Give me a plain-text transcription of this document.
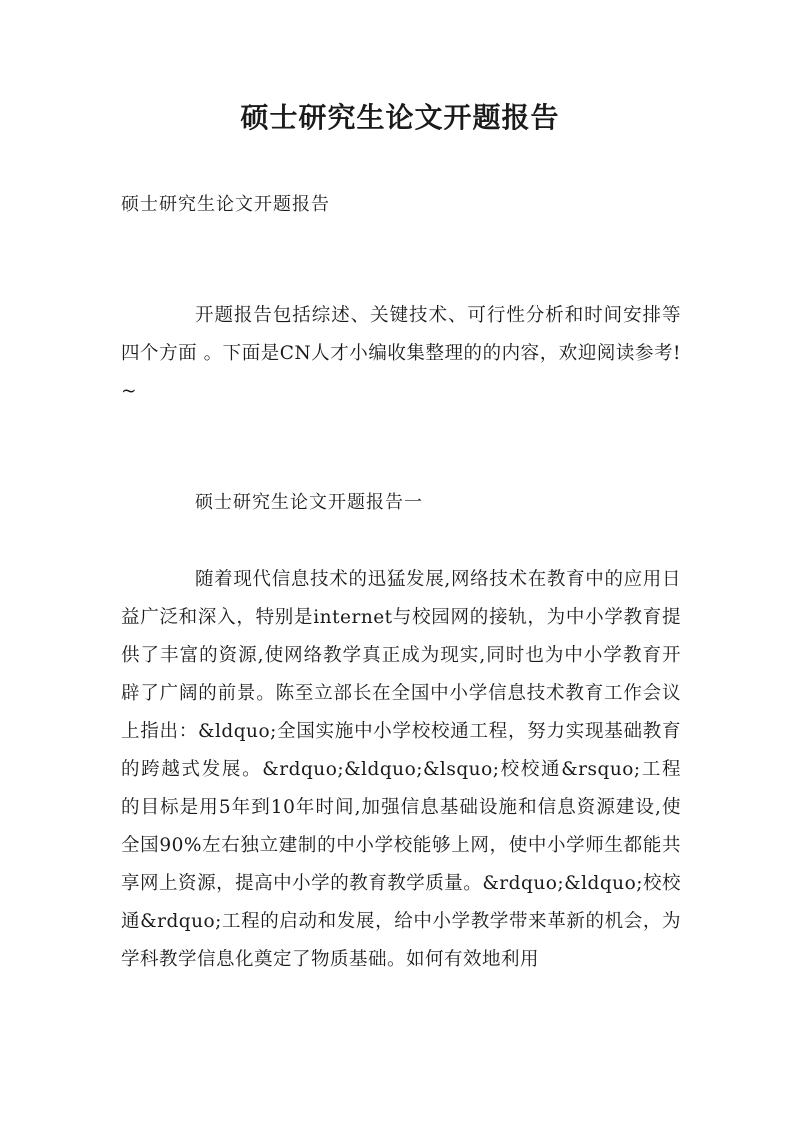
硕士研究生论文开题报告

硕士研究生论文开题报告

开题报告包括综述、关键技术、可行性分析和时间安排等四个方面 。下面是CN人才小编收集整理的的内容，欢迎阅读参考!~

硕士研究生论文开题报告一

随着现代信息技术的迅猛发展,网络技术在教育中的应用日益广泛和深入，特别是internet与校园网的接轨，为中小学教育提供了丰富的资源,使网络教学真正成为现实,同时也为中小学教育开辟了广阔的前景。陈至立部长在全国中小学信息技术教育工作会议上指出：&ldquo;全国实施中小学校校通工程，努力实现基础教育的跨越式发展。&rdquo;&ldquo;&lsquo;校校通&rsquo;工程的目标是用5年到10年时间,加强信息基础设施和信息资源建设,使全国90%左右独立建制的中小学校能够上网，使中小学师生都能共享网上资源，提高中小学的教育教学质量。&rdquo;&ldquo;校校通&rdquo;工程的启动和发展，给中小学教学带来革新的机会，为学科教学信息化奠定了物质基础。如何有效地利用
